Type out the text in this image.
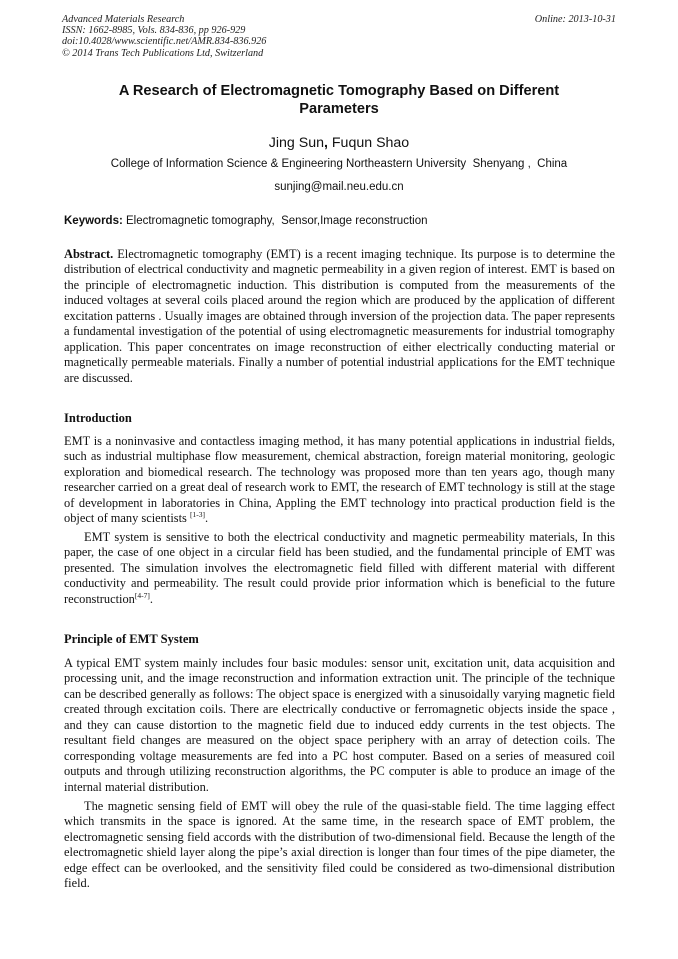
Advanced Materials Research
ISSN: 1662-8985, Vols. 834-836, pp 926-929
doi:10.4028/www.scientific.net/AMR.834-836.926
© 2014 Trans Tech Publications Ltd, Switzerland
Online: 2013-10-31
A Research of Electromagnetic Tomography Based on Different
Parameters
Jing Sun, Fuqun Shao
College of Information Science & Engineering Northeastern University  Shenyang ,  China
sunjing@mail.neu.edu.cn
Keywords: Electromagnetic tomography,  Sensor,Image reconstruction
Abstract. Electromagnetic tomography (EMT) is a recent imaging technique. Its purpose is to determine the distribution of electrical conductivity and magnetic permeability in a given region of interest. EMT is based on the principle of electromagnetic induction. This distribution is computed from the measurements of the induced voltages at several coils placed around the region which are produced by the application of different excitation patterns . Usually images are obtained through inversion of the projection data. The paper represents a fundamental investigation of the potential of using electromagnetic measurements for industrial tomography application. This paper concentrates on image reconstruction of either electrically conducting material or magnetically permeable materials. Finally a number of potential industrial applications for the EMT technique are discussed.
Introduction
EMT is a noninvasive and contactless imaging method, it has many potential applications in industrial fields, such as industrial multiphase flow measurement, chemical abstraction, foreign material monitoring, geologic exploration and biomedical research. The technology was proposed more than ten years ago, though many researcher carried on a great deal of research work to EMT, the research of EMT technology is still at the stage of development in laboratories in China, Appling the EMT technology into practical production field is the object of many scientists [1-3].
EMT system is sensitive to both the electrical conductivity and magnetic permeability materials, In this paper, the case of one object in a circular field has been studied, and the fundamental principle of EMT was presented. The simulation involves the electromagnetic field filled with different material with different conductivity and permeability. The result could provide prior information which is beneficial to the future reconstruction[4-7].
Principle of EMT System
A typical EMT system mainly includes four basic modules: sensor unit, excitation unit, data acquisition and processing unit, and the image reconstruction and information extraction unit. The principle of the technique can be described generally as follows: The object space is energized with a sinusoidally varying magnetic field created through excitation coils. There are electrically conductive or ferromagnetic objects inside the space , and they can cause distortion to the magnetic field due to induced eddy currents in the test objects. The resultant field changes are measured on the object space periphery with an array of detection coils. The corresponding voltage measurements are fed into a PC host computer. Based on a series of measured coil outputs and through utilizing reconstruction algorithms, the PC computer is able to produce an image of the internal material distribution.
The magnetic sensing field of EMT will obey the rule of the quasi-stable field. The time lagging effect which transmits in the space is ignored. At the same time, in the research space of EMT problem, the electromagnetic sensing field accords with the distribution of two-dimensional field. Because the length of the electromagnetic shield layer along the pipe’s axial direction is longer than four times of the pipe diameter, the edge effect can be overlooked, and the sensitivity filed could be considered as two-dimensional distribution field.
